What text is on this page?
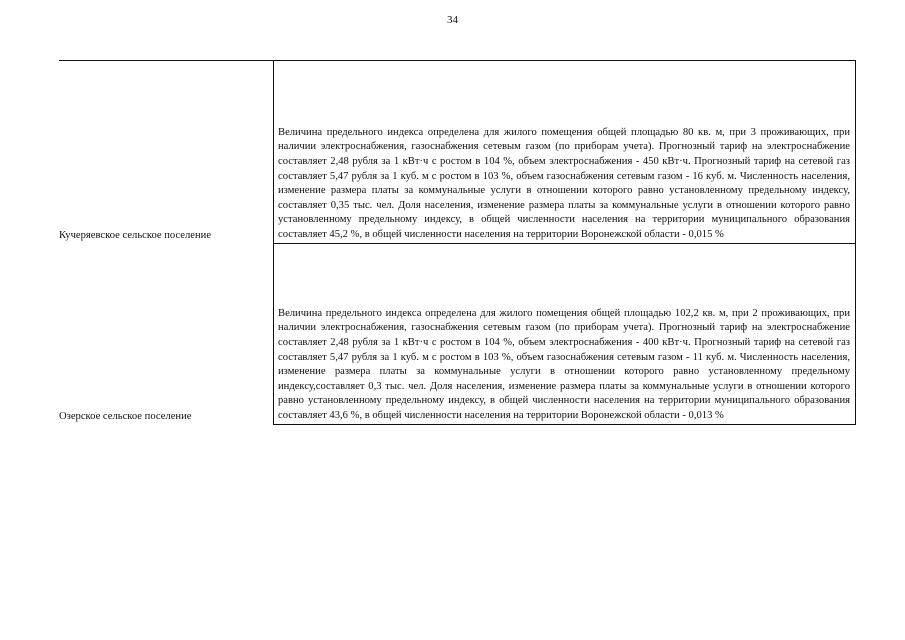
34
Кучеряевское сельское поселение	Величина предельного индекса определена для жилого помещения общей площадью 80 кв. м, при 3 проживающих, при наличии электроснабжения, газоснабжения сетевым газом (по приборам учета). Прогнозный тариф на электроснабжение составляет 2,48 рубля за 1 кВт·ч с ростом в 104 %, объем электроснабжения - 450 кВт·ч. Прогнозный тариф на сетевой газ составляет 5,47 рубля за 1 куб. м с ростом в 103 %, объем газоснабжения сетевым газом - 16 куб. м. Численность населения, изменение размера платы за коммунальные услуги в отношении которого равно установленному предельному индексу, составляет 0,35 тыс. чел. Доля населения, изменение размера платы за коммунальные услуги в отношении которого равно установленному предельному индексу, в общей численности населения на территории муниципального образования составляет 45,2 %, в общей численности населения на территории Воронежской области - 0,015 %

Озерское сельское поселение	Величина предельного индекса определена для жилого помещения общей площадью 102,2 кв. м, при 2 проживающих, при наличии электроснабжения, газоснабжения сетевым газом (по приборам учета). Прогнозный тариф на электроснабжение составляет 2,48 рубля за 1 кВт·ч с ростом в 104 %, объем электроснабжения - 400 кВт·ч. Прогнозный тариф на сетевой газ составляет 5,47 рубля за 1 куб. м с ростом в 103 %, объем газоснабжения сетевым газом - 11 куб. м. Численность населения, изменение размера платы за коммунальные услуги в отношении которого равно установленному предельному индексу,составляет 0,3 тыс. чел. Доля населения, изменение размера платы за коммунальные услуги в отношении которого равно установленному предельному индексу, в общей численности населения на территории муниципального образования составляет 43,6 %, в общей численности населения на территории Воронежской области - 0,013 %
